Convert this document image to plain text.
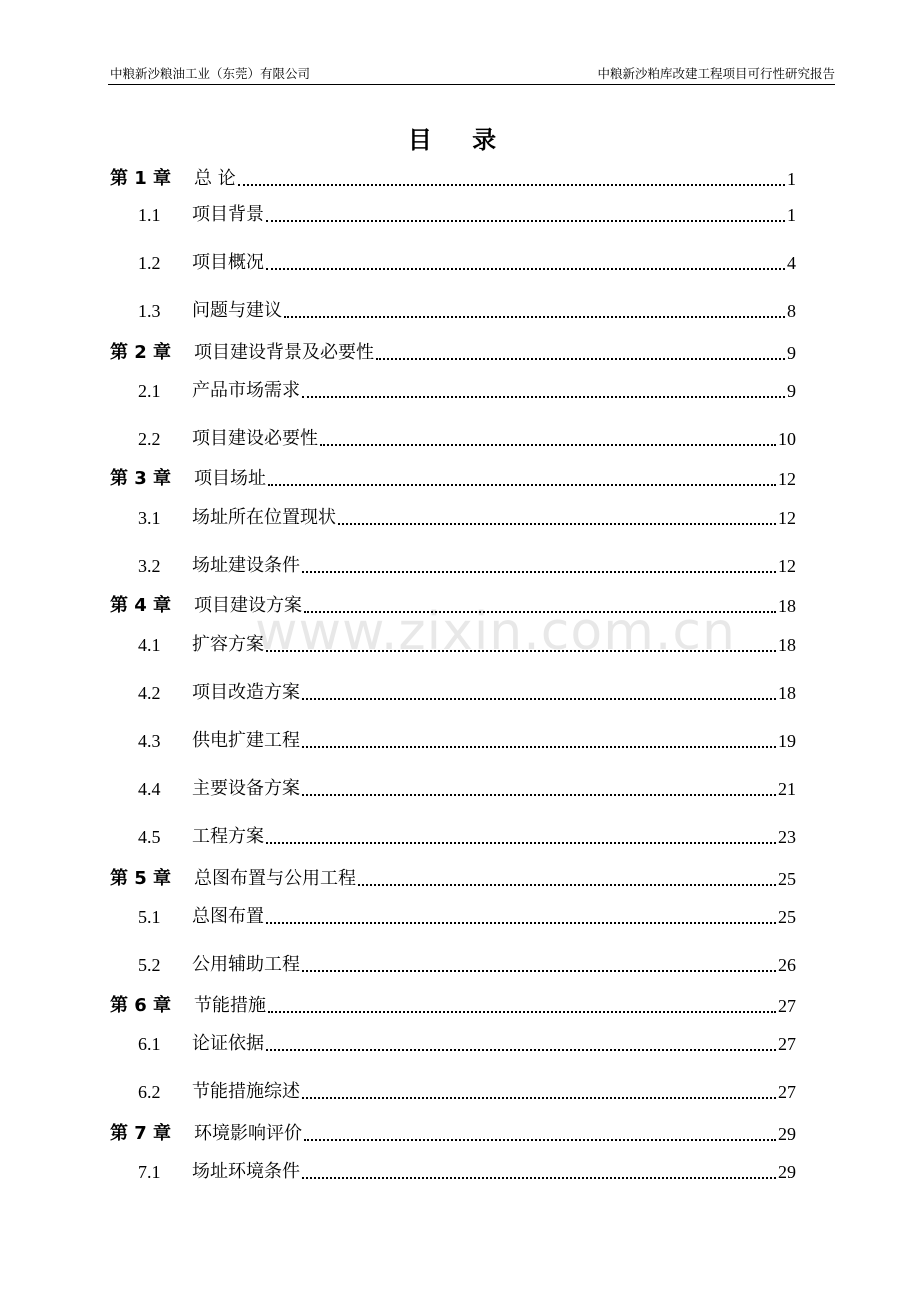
中粮新沙粮油工业（东莞）有限公司	中粮新沙粕库改建工程项目可行性研究报告
目 录
www.zixin.com.cn
第 1 章	总 论	1
1.1	项目背景	1
1.2	项目概况	4
1.3	问题与建议	8
第 2 章	项目建设背景及必要性	9
2.1	产品市场需求	9
2.2	项目建设必要性	10
第 3 章	项目场址	12
3.1	场址所在位置现状	12
3.2	场址建设条件	12
第 4 章	项目建设方案	18
4.1	扩容方案	18
4.2	项目改造方案	18
4.3	供电扩建工程	19
4.4	主要设备方案	21
4.5	工程方案	23
第 5 章	总图布置与公用工程	25
5.1	总图布置	25
5.2	公用辅助工程	26
第 6 章	节能措施	27
6.1	论证依据	27
6.2	节能措施综述	27
第 7 章	环境影响评价	29
7.1	场址环境条件	29
